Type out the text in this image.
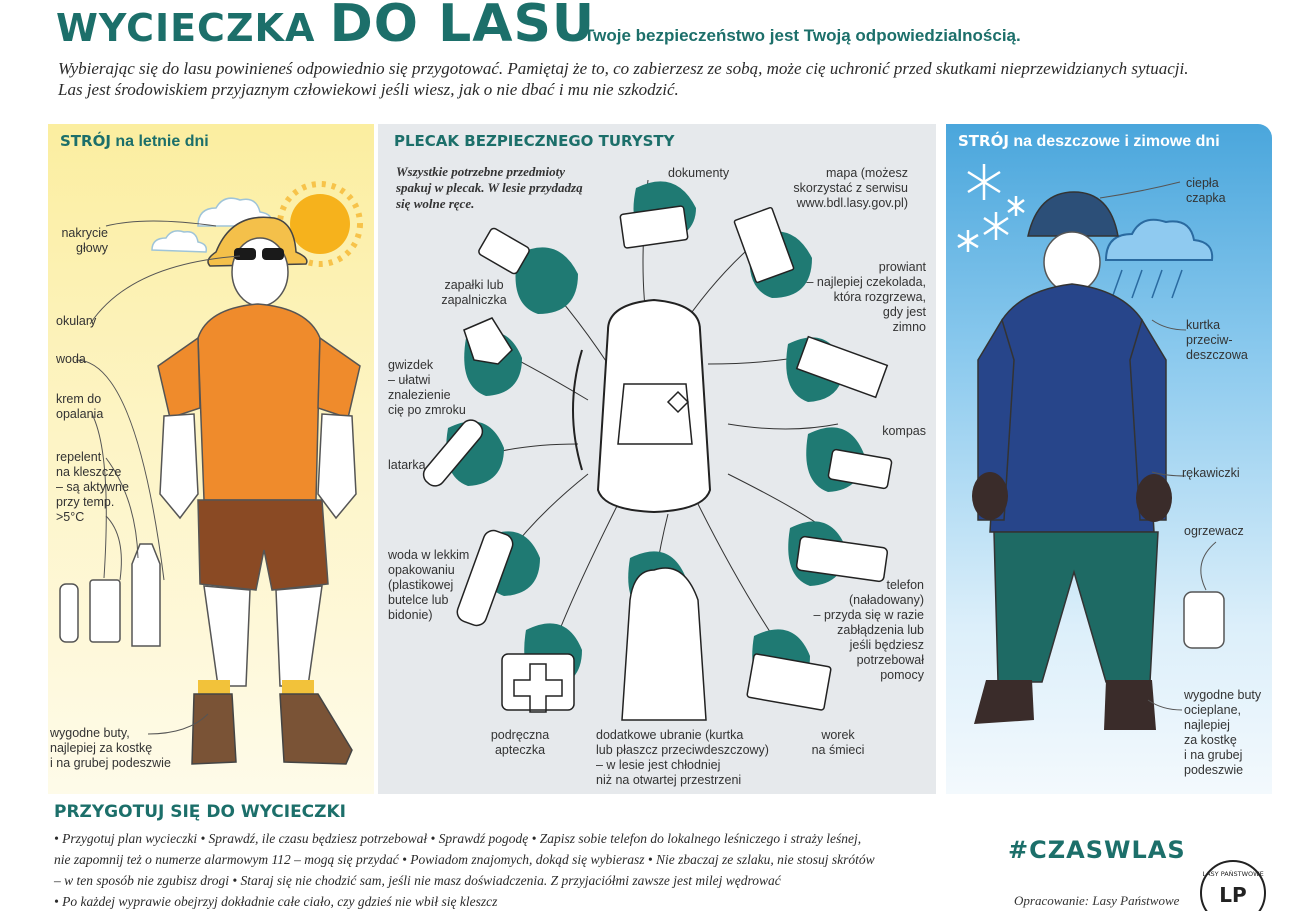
WYCIECZKA DO LASU
Twoje bezpieczeństwo jest Twoją odpowiedzialnością.

Wybierając się do lasu powinieneś odpowiednio się przygotować. Pamiętaj że to, co zabierzesz ze sobą, może cię uchronić przed skutkami nieprzewidzianych sytuacji.

Las jest środowiskiem przyjaznym człowiekowi jeśli wiesz, jak o nie dbać i mu nie szkodzić.

STRÓJ na letnie dni
nakrycie
głowy
okulary
woda
krem do
opalania
repelent
na kleszcze
– są aktywne
przy temp.
>5°C
wygodne buty,
najlepiej za kostkę
i na grubej podeszwie
PLECAK BEZPIECZNEGO TURYSTY
Wszystkie potrzebne przedmioty spakuj w plecak. W lesie przydadzą się wolne ręce.
dokumenty	mapa (możesz
skorzystać z serwisu
www.bdl.lasy.gov.pl)
zapałki lub
zapalniczka
prowiant
– najlepiej czekolada,
która rozgrzewa,
gdy jest
zimno
gwizdek
– ułatwi
znalezienie
cię po zmroku
kompas
latarka
woda w lekkim
opakowaniu
(plastikowej
butelce lub
bidonie)
telefon
(naładowany)
– przyda się w razie
zabłądzenia lub
jeśli będziesz
potrzebował
pomocy
podręczna
apteczka
dodatkowe ubranie (kurtka
lub płaszcz przeciwdeszczowy)
– w lesie jest chłodniej
niż na otwartej przestrzeni
worek
na śmieci
STRÓJ na deszczowe i zimowe dni
ciepła
czapka
kurtka
przeciw-
deszczowa
rękawiczki
ogrzewacz
wygodne buty
ocieplane,
najlepiej
za kostkę
i na grubej
podeszwie
PRZYGOTUJ SIĘ DO WYCIECZKI

• Przygotuj plan wycieczki • Sprawdź, ile czasu będziesz potrzebował • Sprawdź pogodę • Zapisz sobie telefon do lokalnego leśniczego i straży leśnej,

nie zapomnij też o numerze alarmowym 112 – mogą się przydać • Powiadom znajomych, dokąd się wybierasz • Nie zbaczaj ze szlaku, nie stosuj skrótów

– w ten sposób nie zgubisz drogi • Staraj się nie chodzić sam, jeśli nie masz doświadczenia. Z przyjaciółmi zawsze jest milej wędrować

• Po każdej wyprawie obejrzyj dokładnie całe ciało, czy gdzieś nie wbił się kleszcz

#CZASWLAS
Opracowanie: Lasy Państwowe LP
LASY PAŃSTWOWE
